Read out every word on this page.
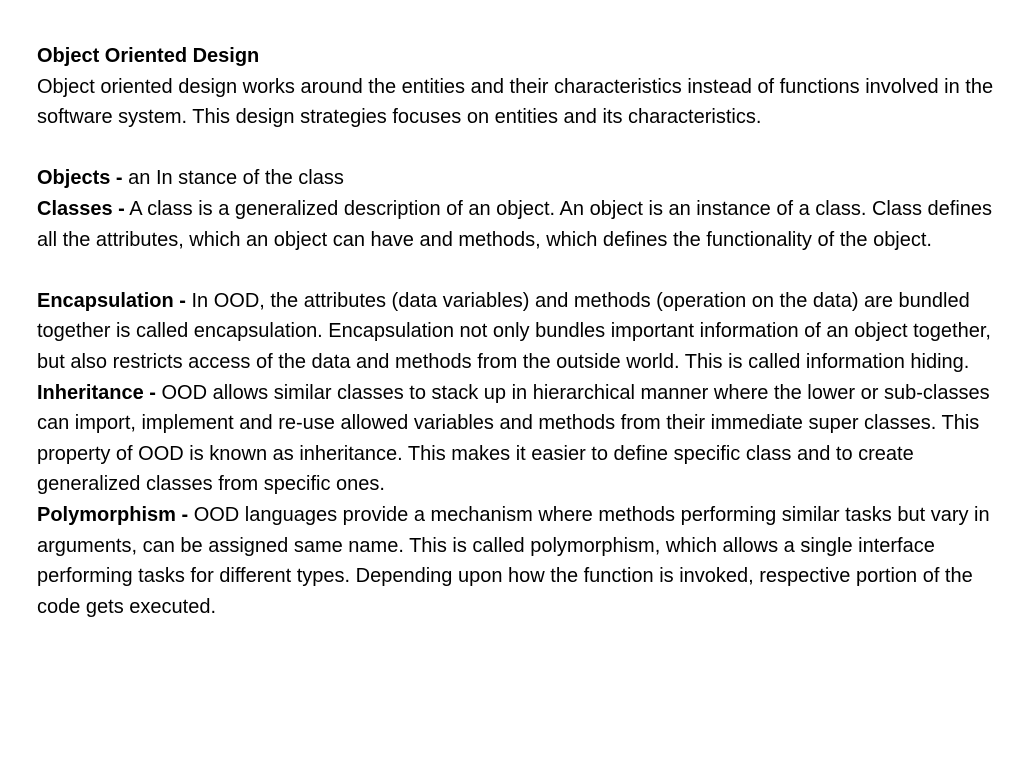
Object Oriented Design
Object oriented design works around the entities and their characteristics instead of functions involved in the software system. This design strategies focuses on entities and its characteristics.
Objects - an In stance of the class
Classes - A class is a generalized description of an object. An object is an instance of a class. Class defines all the attributes, which an object can have and methods, which defines the functionality of the object.
Encapsulation - In OOD, the attributes (data variables) and methods (operation on the data) are bundled together is called encapsulation. Encapsulation not only bundles important information of an object together, but also restricts access of the data and methods from the outside world. This is called information hiding.
Inheritance - OOD allows similar classes to stack up in hierarchical manner where the lower or sub-classes can import, implement and re-use allowed variables and methods from their immediate super classes. This property of OOD is known as inheritance. This makes it easier to define specific class and to create generalized classes from specific ones.
Polymorphism - OOD languages provide a mechanism where methods performing similar tasks but vary in arguments, can be assigned same name. This is called polymorphism, which allows a single interface performing tasks for different types. Depending upon how the function is invoked, respective portion of the code gets executed.
